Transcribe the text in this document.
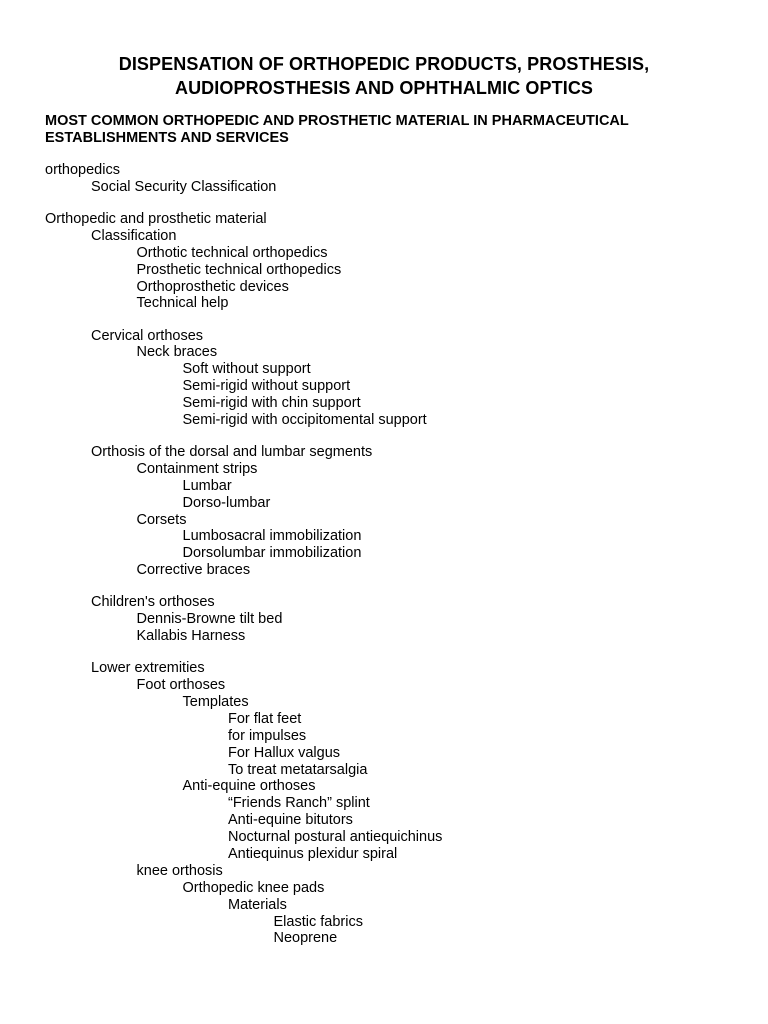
DISPENSATION OF ORTHOPEDIC PRODUCTS, PROSTHESIS,
AUDIOPROSTHESIS AND OPHTHALMIC OPTICS
MOST COMMON ORTHOPEDIC AND PROSTHETIC MATERIAL IN PHARMACEUTICAL
ESTABLISHMENTS AND SERVICES
orthopedics
Social Security Classification
Orthopedic and prosthetic material
Classification
Orthotic technical orthopedics
Prosthetic technical orthopedics
Orthoprosthetic devices
Technical help
Cervical orthoses
Neck braces
Soft without support
Semi-rigid without support
Semi-rigid with chin support
Semi-rigid with occipitomental support
Orthosis of the dorsal and lumbar segments
Containment strips
Lumbar
Dorso-lumbar
Corsets
Lumbosacral immobilization
Dorsolumbar immobilization
Corrective braces
Children's orthoses
Dennis-Browne tilt bed
Kallabis Harness
Lower extremities
Foot orthoses
Templates
For flat feet
for impulses
For Hallux valgus
To treat metatarsalgia
Anti-equine orthoses
“Friends Ranch” splint
Anti-equine bitutors
Nocturnal postural antiequichinus
Antiequinus plexidur spiral
knee orthosis
Orthopedic knee pads
Materials
Elastic fabrics
Neoprene
